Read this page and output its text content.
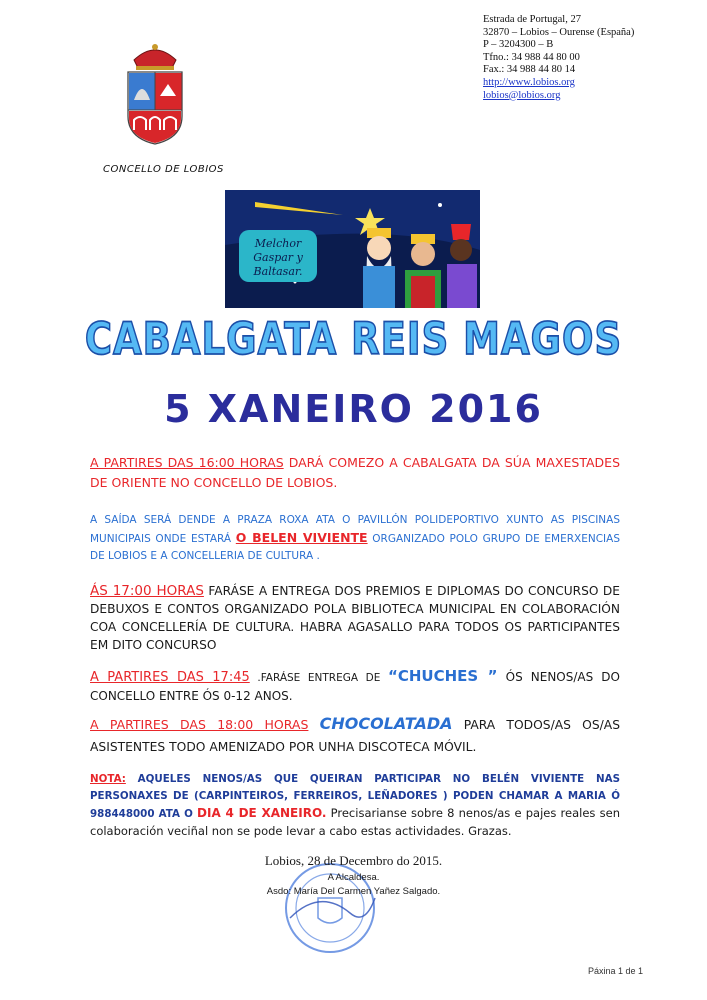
Estrada de Portugal, 27
32870 – Lobios – Ourense (España)
P – 3204300 – B
Tfno.: 34 988 44 80 00
Fax.: 34 988 44 80 14
http://www.lobios.org
lobios@lobios.org
CONCELLO DE LOBIOS
Melchor
Gaspar y
Baltasar.
CABALGATA REIS MAGOS
5 XANEIRO 2016
A PARTIRES DAS 16:00 HORAS DARÁ COMEZO A CABALGATA DA SÚA MAXESTADES DE ORIENTE NO CONCELLO DE LOBIOS.
A SAÍDA SERÁ DENDE A PRAZA ROXA ATA O PAVILLÓN POLIDEPORTIVO XUNTO AS PISCINAS MUNICIPAIS ONDE ESTARÁ O BELEN VIVIENTE ORGANIZADO POLO GRUPO DE EMERXENCIAS DE LOBIOS E A CONCELLERIA DE CULTURA .
ÁS 17:00 HORAS FARÁSE A ENTREGA DOS PREMIOS E DIPLOMAS DO CONCURSO DE DEBUXOS E CONTOS ORGANIZADO POLA BIBLIOTECA MUNICIPAL EN COLABORACIÓN COA CONCELLERÍA DE CULTURA. HABRA AGASALLO PARA TODOS OS PARTICIPANTES EM DITO CONCURSO
A PARTIRES DAS 17:45 .FARÁSE ENTREGA DE “CHUCHES ” ÓS NENOS/AS DO CONCELLO ENTRE ÓS 0-12 ANOS.
A PARTIRES DAS 18:00 HORAS CHOCOLATADA PARA TODOS/AS OS/AS ASISTENTES TODO AMENIZADO POR UNHA DISCOTECA MÓVIL.
NOTA: AQUELES NENOS/AS QUE QUEIRAN PARTICIPAR NO BELÉN VIVIENTE NAS PERSONAXES DE (CARPINTEIROS, FERREIROS, LEÑADORES ) PODEN CHAMAR A MARIA Ó 988448000 ATA O DIA 4 DE XANEIRO. Precisarianse sobre 8 nenos/as e pajes reales sen colaboración veciñal non se pode levar a cabo estas actividades. Grazas.
Lobios, 28 de Decembro do 2015.
A Alcaldesa.
Asdo: María Del Carmen Yañez Salgado.
Páxina 1 de 1
